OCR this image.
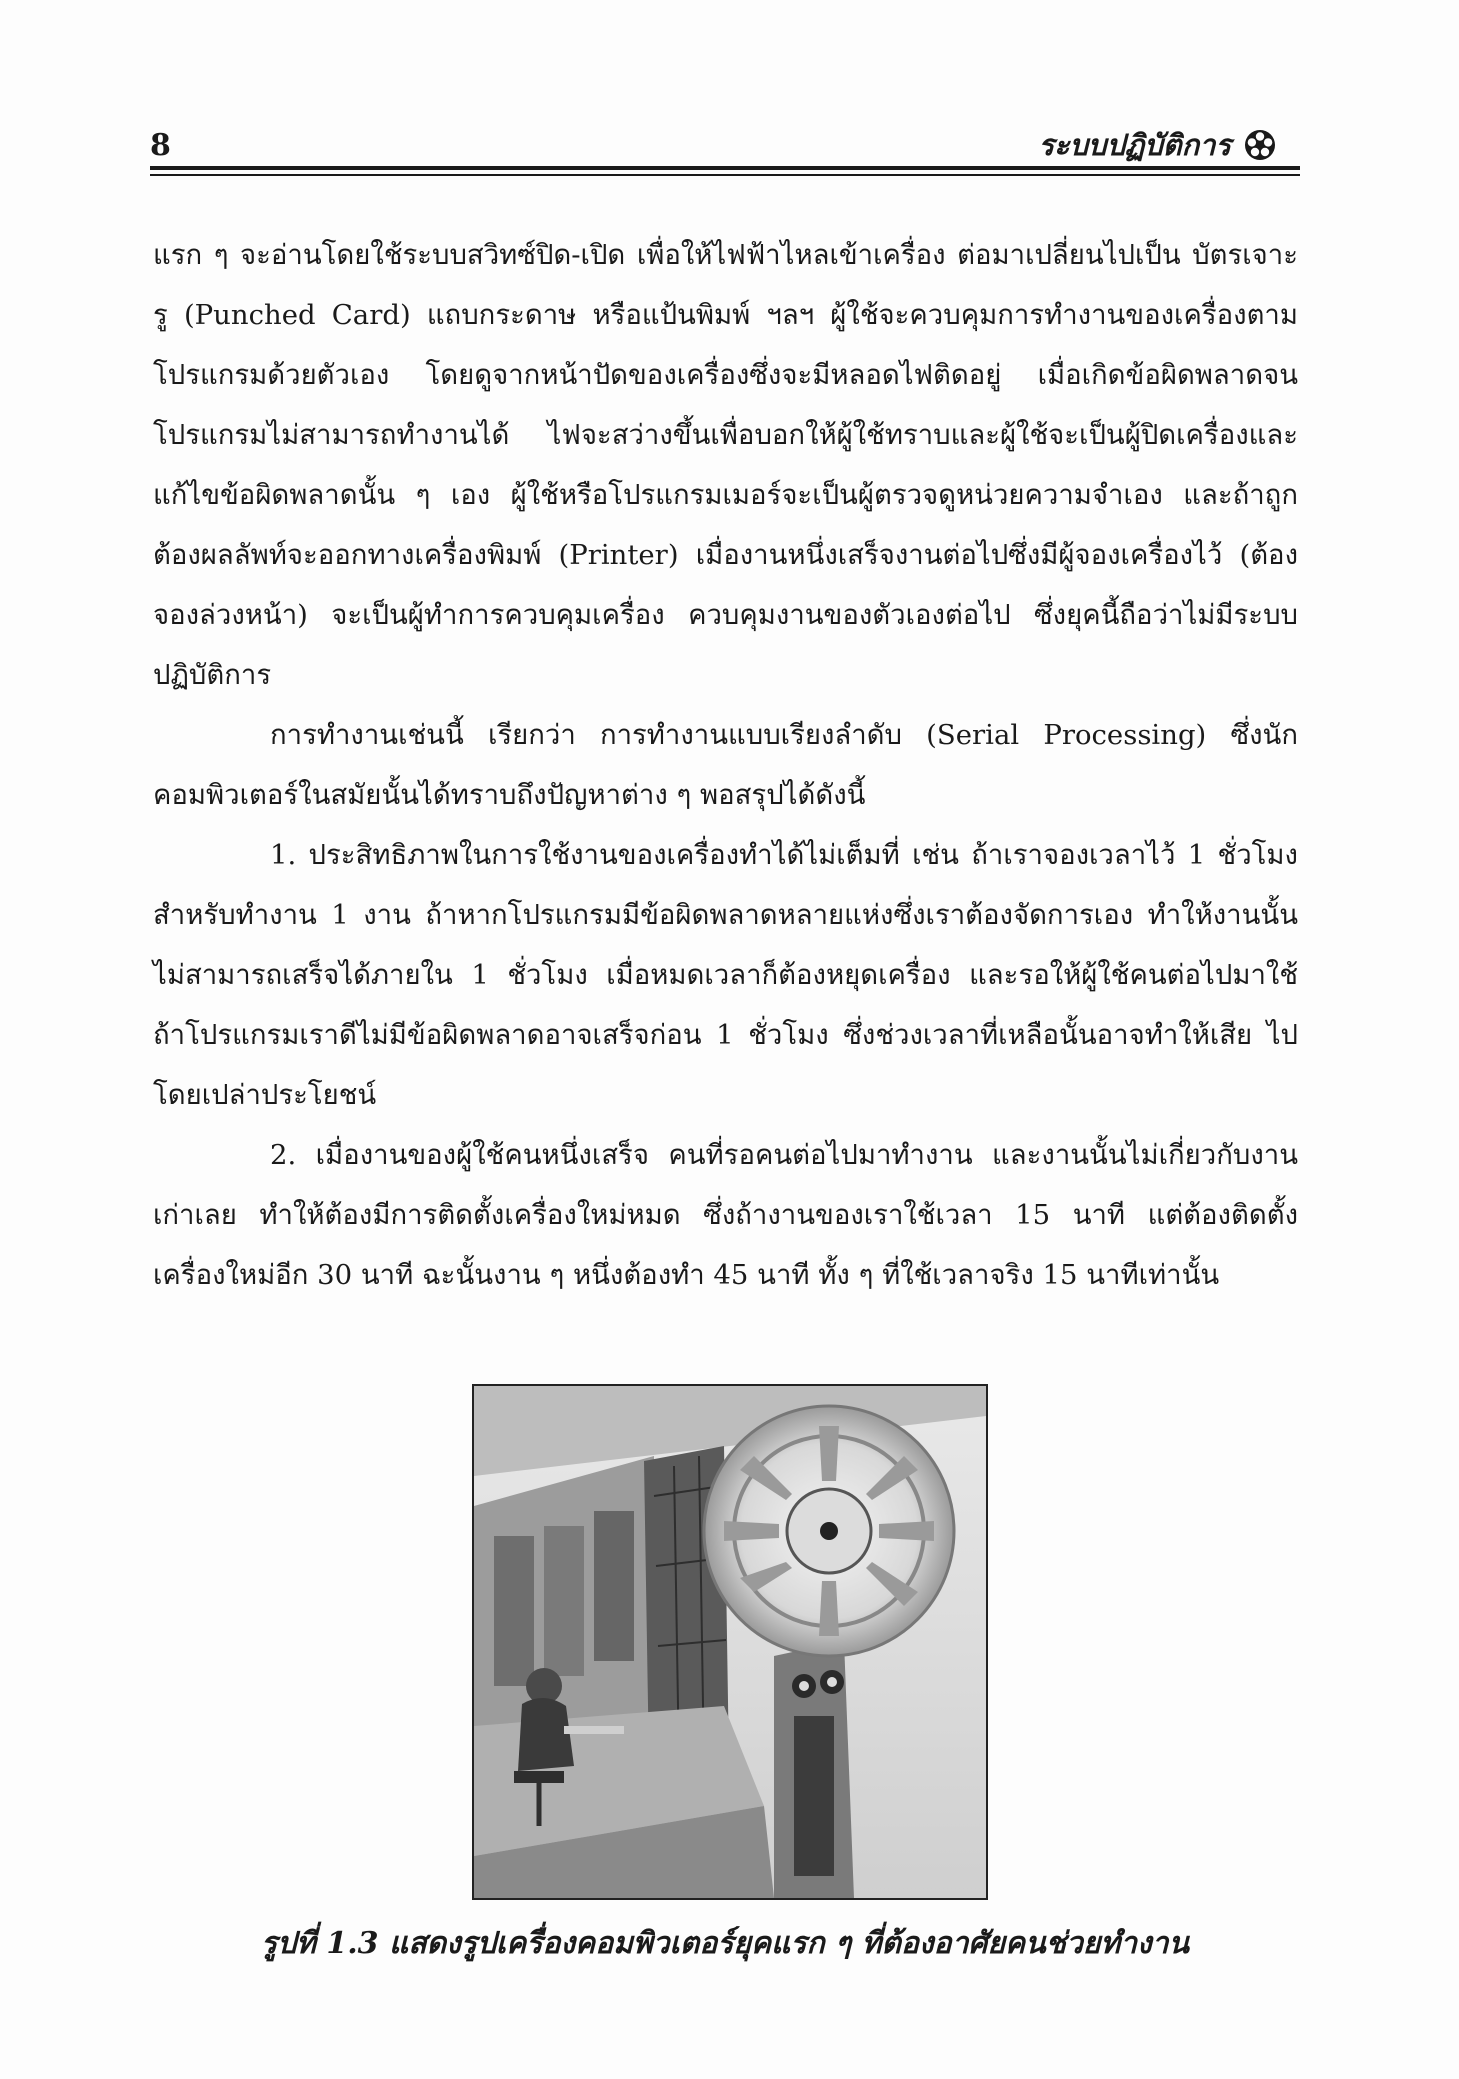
8	ระบบปฏิบัติการ

แรก ๆ จะอ่านโดยใช้ระบบสวิทซ์ปิด-เปิด เพื่อให้ไฟฟ้าไหลเข้าเครื่อง ต่อมาเปลี่ยนไปเป็น บัตรเจาะรู (Punched Card) แถบกระดาษ หรือแป้นพิมพ์ ฯลฯ ผู้ใช้จะควบคุมการทำงานของเครื่องตามโปรแกรมด้วยตัวเอง โดยดูจากหน้าปัดของเครื่องซึ่งจะมีหลอดไฟติดอยู่ เมื่อเกิดข้อผิดพลาดจนโปรแกรมไม่สามารถทำงานได้ ไฟจะสว่างขึ้นเพื่อบอกให้ผู้ใช้ทราบและผู้ใช้จะเป็นผู้ปิดเครื่องและแก้ไขข้อผิดพลาดนั้น ๆ เอง ผู้ใช้หรือโปรแกรมเมอร์จะเป็นผู้ตรวจดูหน่วยความจำเอง และถ้าถูกต้องผลลัพท์จะออกทางเครื่องพิมพ์ (Printer) เมื่องานหนึ่งเสร็จงานต่อไปซึ่งมีผู้จองเครื่องไว้ (ต้องจองล่วงหน้า) จะเป็นผู้ทำการควบคุมเครื่อง ควบคุมงานของตัวเองต่อไป ซึ่งยุคนี้ถือว่าไม่มีระบบปฏิบัติการ

การทำงานเช่นนี้ เรียกว่า การทำงานแบบเรียงลำดับ (Serial Processing) ซึ่งนักคอมพิวเตอร์ในสมัยนั้นได้ทราบถึงปัญหาต่าง ๆ พอสรุปได้ดังนี้

1. ประสิทธิภาพในการใช้งานของเครื่องทำได้ไม่เต็มที่ เช่น ถ้าเราจองเวลาไว้ 1 ชั่วโมง สำหรับทำงาน 1 งาน ถ้าหากโปรแกรมมีข้อผิดพลาดหลายแห่งซึ่งเราต้องจัดการเอง ทำให้งานนั้นไม่สามารถเสร็จได้ภายใน 1 ชั่วโมง เมื่อหมดเวลาก็ต้องหยุดเครื่อง และรอให้ผู้ใช้คนต่อไปมาใช้ ถ้าโปรแกรมเราดีไม่มีข้อผิดพลาดอาจเสร็จก่อน 1 ชั่วโมง ซึ่งช่วงเวลาที่เหลือนั้นอาจทำให้เสีย ไปโดยเปล่าประโยชน์

2. เมื่องานของผู้ใช้คนหนึ่งเสร็จ คนที่รอคนต่อไปมาทำงาน และงานนั้นไม่เกี่ยวกับงานเก่าเลย ทำให้ต้องมีการติดตั้งเครื่องใหม่หมด ซึ่งถ้างานของเราใช้เวลา 15 นาที แต่ต้องติดตั้งเครื่องใหม่อีก 30 นาที ฉะนั้นงาน ๆ หนึ่งต้องทำ 45 นาที ทั้ง ๆ ที่ใช้เวลาจริง 15 นาทีเท่านั้น

รูปที่ 1.3 แสดงรูปเครื่องคอมพิวเตอร์ยุคแรก ๆ ที่ต้องอาศัยคนช่วยทำงาน
